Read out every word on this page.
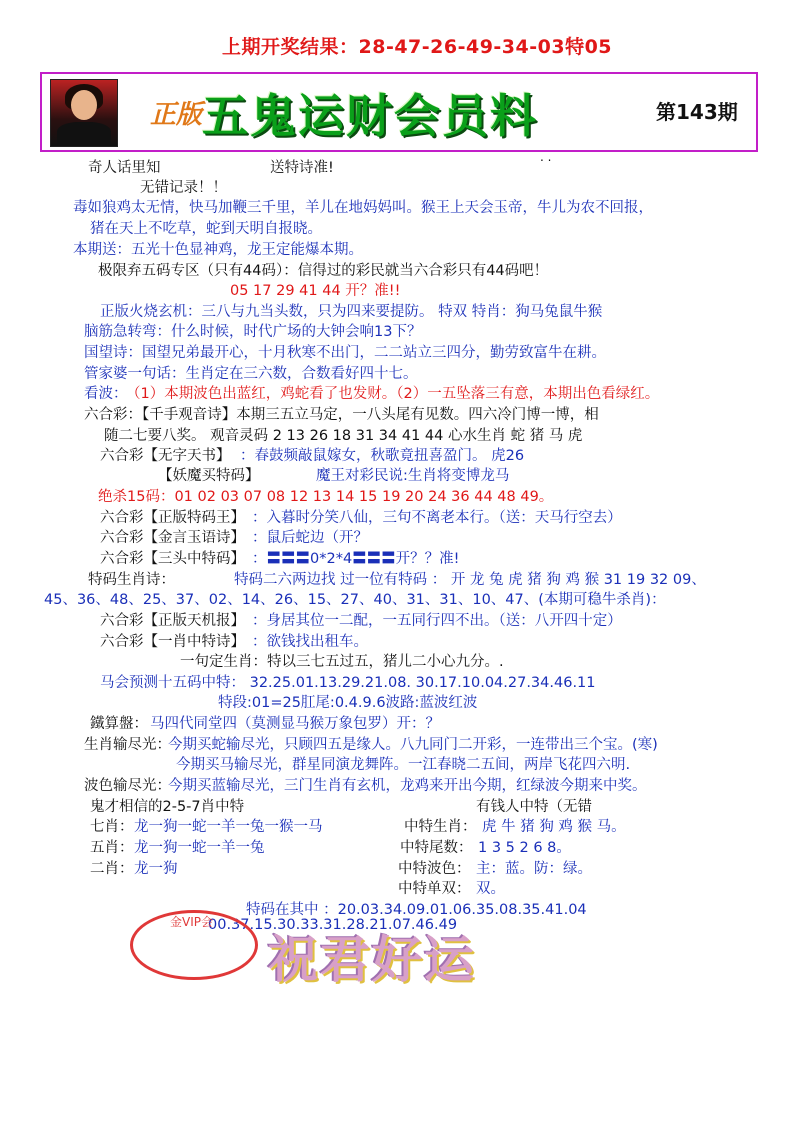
上期开奖结果：28-47-26-49-34-03特05
正版 五鬼运财会员料	第143期
. .
奇人话里知	送特诗准!
无错记录！！
毒如狼鸡太无情，快马加鞭三千里，羊儿在地妈妈叫。猴王上天会玉帝，牛儿为农不回报，
猪在天上不吃草，蛇到天明自报晓。
本期送：五光十色显神鸡，龙王定能爆本期。
极限弃五码专区（只有44码）：信得过的彩民就当六合彩只有44码吧！
05 17 29 41 44 开？准!!
正版火烧玄机：三八与九当头数，只为四来要提防。 特双 特肖：狗马兔鼠牛猴
脑筋急转弯：什么时候，时代广场的大钟会响13下？
国望诗：国望兄弟最开心，十月秋寒不出门，二二站立三四分，勤劳致富牛在耕。
管家婆一句话：生肖定在三六数，合数看好四十七。
看波：
（1）本期波色出蓝红，鸡蛇看了也发财。（2）一五坠落三有意，本期出色看绿红。
六合彩：【千手观音诗】本期三五立马定，一八头尾有见数。四六冷门博一博，相
随二七要八奖。 观音灵码 2 13 26 18 31 34 41 44 心水生肖 蛇 猪 马 虎
六合彩【无字天书】 ：春鼓频敲鼠嫁女，秋歌竟扭喜盈门。 虎26
【妖魔买特码】	魔王对彩民说:生肖将变博龙马
绝杀15码：01 02 03 07 08 12 13 14 15 19 20 24 36 44 48 49。
六合彩【正版特码王】 ：入暮时分笑八仙，三句不离老本行。（送：天马行空去）
六合彩【金言玉语诗】 ：鼠后蛇边（开？
六合彩【三头中特码】 ：〓〓〓0*2*4〓〓〓开？？准!
特码生肖诗：	特码二六两边找 过一位有特码 ： 开 龙 兔 虎 猪 狗 鸡 猴 31 19 32 09、
45、36、48、25、37、02、14、26、15、27、40、31、31、10、47、(本期可稳牛杀肖)：
六合彩【正版天机报】 ：身居其位一二配，一五同行四不出。（送：八开四十定）
六合彩【一肖中特诗】 ：欲钱找出租车。
一句定生肖：特以三七五过五，猪儿二小心九分。.
马会预测十五码中特： 32.25.01.13.29.21.08. 30.17.10.04.27.34.46.11
特段:01=25肛尾:0.4.9.6波路:蓝波红波
鐵算盤： 马四代同堂四（莫测显马猴万象包罗）开：？
生肖输尽光：
今期买蛇输尽光，只顾四五是缘人。八九同门二开彩，一连带出三个宝。(寒)
今期买马输尽光，群星同演龙舞阵。一江春晓二五间，两岸飞花四六明.
波色输尽光：
今期买蓝输尽光，三门生肖有玄机，龙鸡来开出今期，红绿波今期来中奖。
鬼才相信的2-5-7肖中特	有钱人中特（无错
七肖： 龙一狗一蛇一羊一兔一猴一马	中特生肖： 虎 牛 猪 狗 鸡 猴 马。
五肖： 龙一狗一蛇一羊一兔	中特尾数： 1 3 5 2 6 8。
二肖： 龙一狗	中特波色： 主：蓝。防：绿。
中特单双： 双。
特码在其中 ：20.03.34.09.01.06.35.08.35.41.04
00.37.15.30.33.31.28.21.07.46.49
金VIP会
祝君好运
